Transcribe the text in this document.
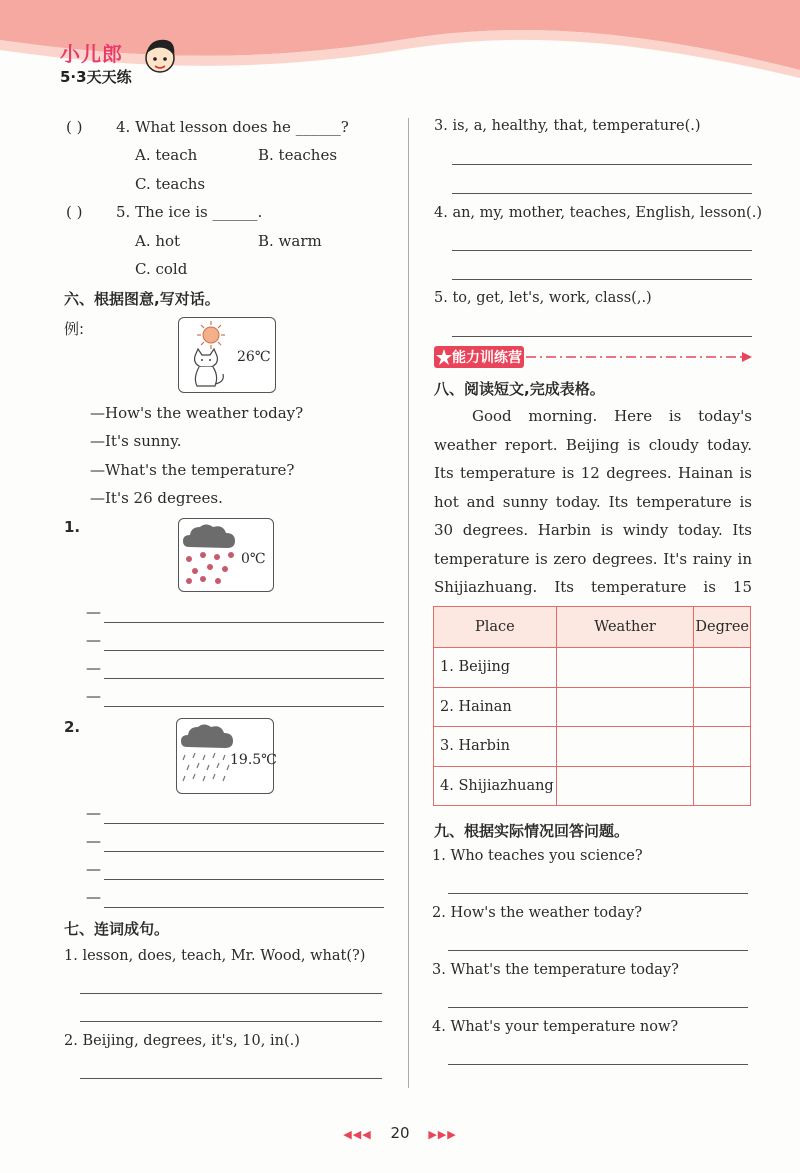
小儿郎
5·3天天练
( ) 4. What lesson does he ______?
A. teach	B. teaches
C. teachs
( ) 5. The ice is ______.
A. hot	B. warm
C. cold
六、根据图意,写对话。
例:
26℃
—How's the weather today?
—It's sunny.
—What's the temperature?
—It's 26 degrees.
1.
0℃
—
—
—
—
2.
19.5℃
—
—
—
—
七、连词成句。
1. lesson, does, teach, Mr. Wood, what(?)
2. Beijing, degrees, it's, 10, in(.)
3. is, a, healthy, that, temperature(.)
4. an, my, mother, teaches, English, lesson(.)
5. to, get, let's, work, class(,.)
能力训练营
八、阅读短文,完成表格。
Good morning. Here is today's weather report. Beijing is cloudy today. Its temperature is 12 degrees. Hainan is hot and sunny today. Its temperature is 30 degrees. Harbin is windy today. Its temperature is zero degrees. It's rainy in Shijiazhuang. Its temperature is 15
Place	Weather	Degree
1. Beijing		
2. Hainan		
3. Harbin		
4. Shijiazhuang		
九、根据实际情况回答问题。
1. Who teaches you science?
2. How's the weather today?
3. What's the temperature today?
4. What's your temperature now?
◀◀◀ 20 ▶▶▶
